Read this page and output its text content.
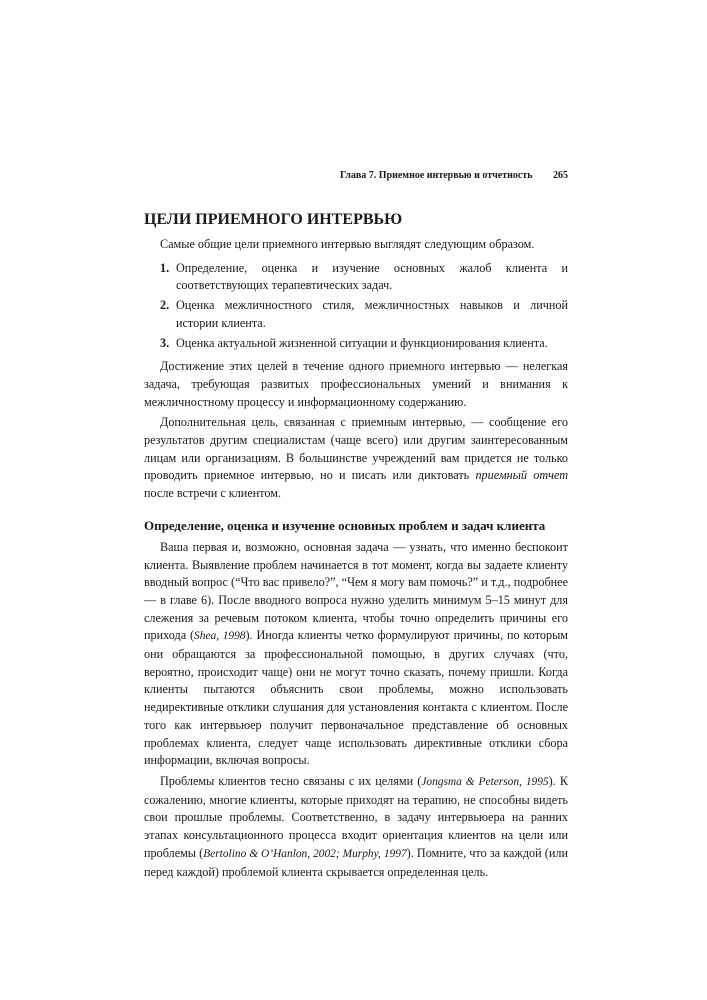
Глава 7. Приемное интервью и отчетность 265
ЦЕЛИ ПРИЕМНОГО ИНТЕРВЬЮ

Самые общие цели приемного интервью выглядят следующим образом.

1. Определение, оценка и изучение основных жалоб клиента и соответствующих терапевтических задач.
2. Оценка межличностного стиля, межличностных навыков и личной истории клиента.
3. Оценка актуальной жизненной ситуации и функционирования клиента.

Достижение этих целей в течение одного приемного интервью — нелегкая задача, требующая развитых профессиональных умений и внимания к межличностному процессу и информационному содержанию.

Дополнительная цель, связанная с приемным интервью, — сообщение его результатов другим специалистам (чаще всего) или другим заинтересованным лицам или организациям. В большинстве учреждений вам придется не только проводить приемное интервью, но и писать или диктовать приемный отчет после встречи с клиентом.

Определение, оценка и изучение основных проблем и задач клиента

Ваша первая и, возможно, основная задача — узнать, что именно беспокоит клиента. Выявление проблем начинается в тот момент, когда вы задаете клиенту вводный вопрос (“Что вас привело?”, “Чем я могу вам помочь?” и т.д., подробнее — в главе 6). После вводного вопроса нужно уделить минимум 5–15 минут для слежения за речевым потоком клиента, чтобы точно определить причины его прихода (Shea, 1998). Иногда клиенты четко формулируют причины, по которым они обращаются за профессиональной помощью, в других случаях (что, вероятно, происходит чаще) они не могут точно сказать, почему пришли. Когда клиенты пытаются объяснить свои проблемы, можно использовать недирективные отклики слушания для установления контакта с клиентом. После того как интервьюер получит первоначальное представление об основных проблемах клиента, следует чаще использовать директивные отклики сбора информации, включая вопросы.

Проблемы клиентов тесно связаны с их целями (Jongsma & Peterson, 1995). К сожалению, многие клиенты, которые приходят на терапию, не способны видеть свои прошлые проблемы. Соответственно, в задачу интервьюера на ранних этапах консультационного процесса входит ориентация клиентов на цели или проблемы (Bertolino & O’Hanlon, 2002; Murphy, 1997). Помните, что за каждой (или перед каждой) проблемой клиента скрывается определенная цель.
